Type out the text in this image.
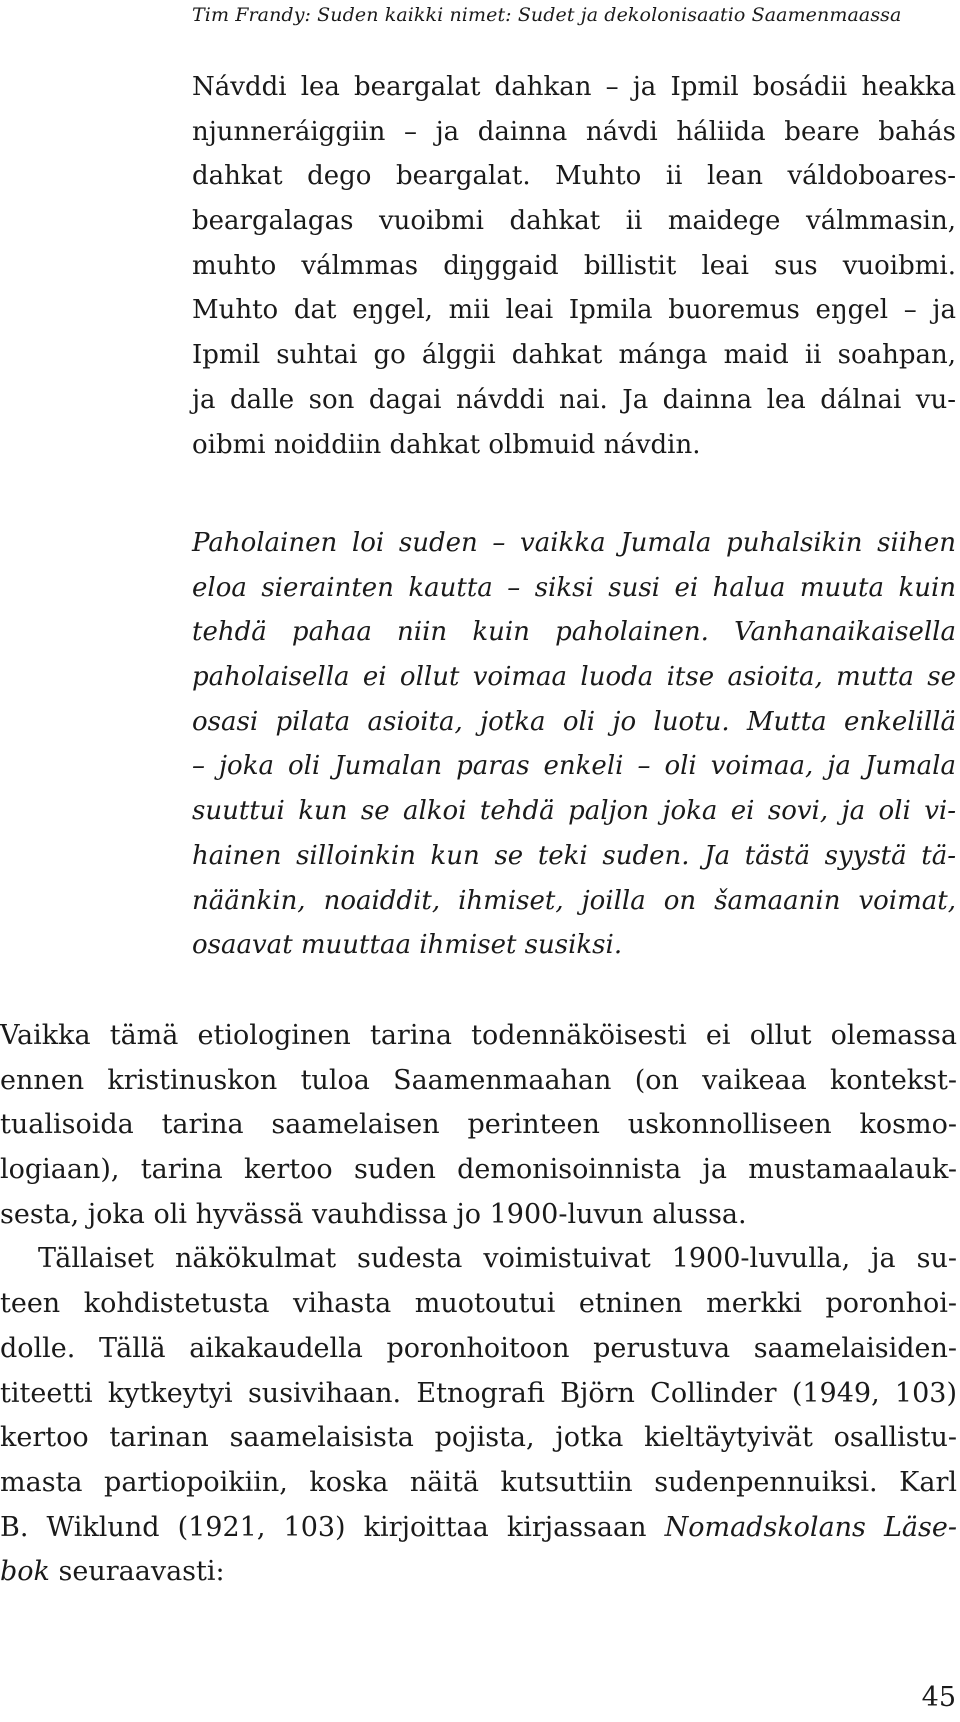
Tim Frandy: Suden kaikki nimet: Sudet ja dekolonisaatio Saamenmaassa
Návddi lea beargalat dahkan – ja Ipmil bosádii heakka
njunneráiggiin – ja dainna návdi háliida beare bahás
dahkat dego beargalat. Muhto ii lean váldoboares-
beargalagas vuoibmi dahkat ii maidege válmmasin,
muhto válmmas diŋggaid billistit leai sus vuoibmi.
Muhto dat eŋgel, mii leai Ipmila buoremus eŋgel – ja
Ipmil suhtai go álggii dahkat mánga maid ii soahpan,
ja dalle son dagai návddi nai. Ja dainna lea dálnai vu-
oibmi noiddiin dahkat olbmuid návdin.
Paholainen loi suden – vaikka Jumala puhalsikin siihen
eloa sierainten kautta – siksi susi ei halua muuta kuin
tehdä pahaa niin kuin paholainen. Vanhanaikaisella
paholaisella ei ollut voimaa luoda itse asioita, mutta se
osasi pilata asioita, jotka oli jo luotu. Mutta enkelillä
– joka oli Jumalan paras enkeli – oli voimaa, ja Jumala
suuttui kun se alkoi tehdä paljon joka ei sovi, ja oli vi-
hainen silloinkin kun se teki suden. Ja tästä syystä tä-
näänkin, noaiddit, ihmiset, joilla on šamaanin voimat,
osaavat muuttaa ihmiset susiksi.
Vaikka tämä etiologinen tarina todennäköisesti ei ollut olemassa
ennen kristinuskon tuloa Saamenmaahan (on vaikeaa kontekst-
tualisoida tarina saamelaisen perinteen uskonnolliseen kosmo-
logiaan), tarina kertoo suden demonisoinnista ja mustamaalauk-
sesta, joka oli hyvässä vauhdissa jo 1900-luvun alussa.
Tällaiset näkökulmat sudesta voimistuivat 1900-luvulla, ja su-
teen kohdistetusta vihasta muotoutui etninen merkki poronhoi-
dolle. Tällä aikakaudella poronhoitoon perustuva saamelaisiden-
titeetti kytkeytyi susivihaan. Etnografi Björn Collinder (1949, 103)
kertoo tarinan saamelaisista pojista, jotka kieltäytyivät osallistu-
masta partiopoikiin, koska näitä kutsuttiin sudenpennuiksi. Karl
B. Wiklund (1921, 103) kirjoittaa kirjassaan Nomadskolans Läse-
bok seuraavasti:
45
